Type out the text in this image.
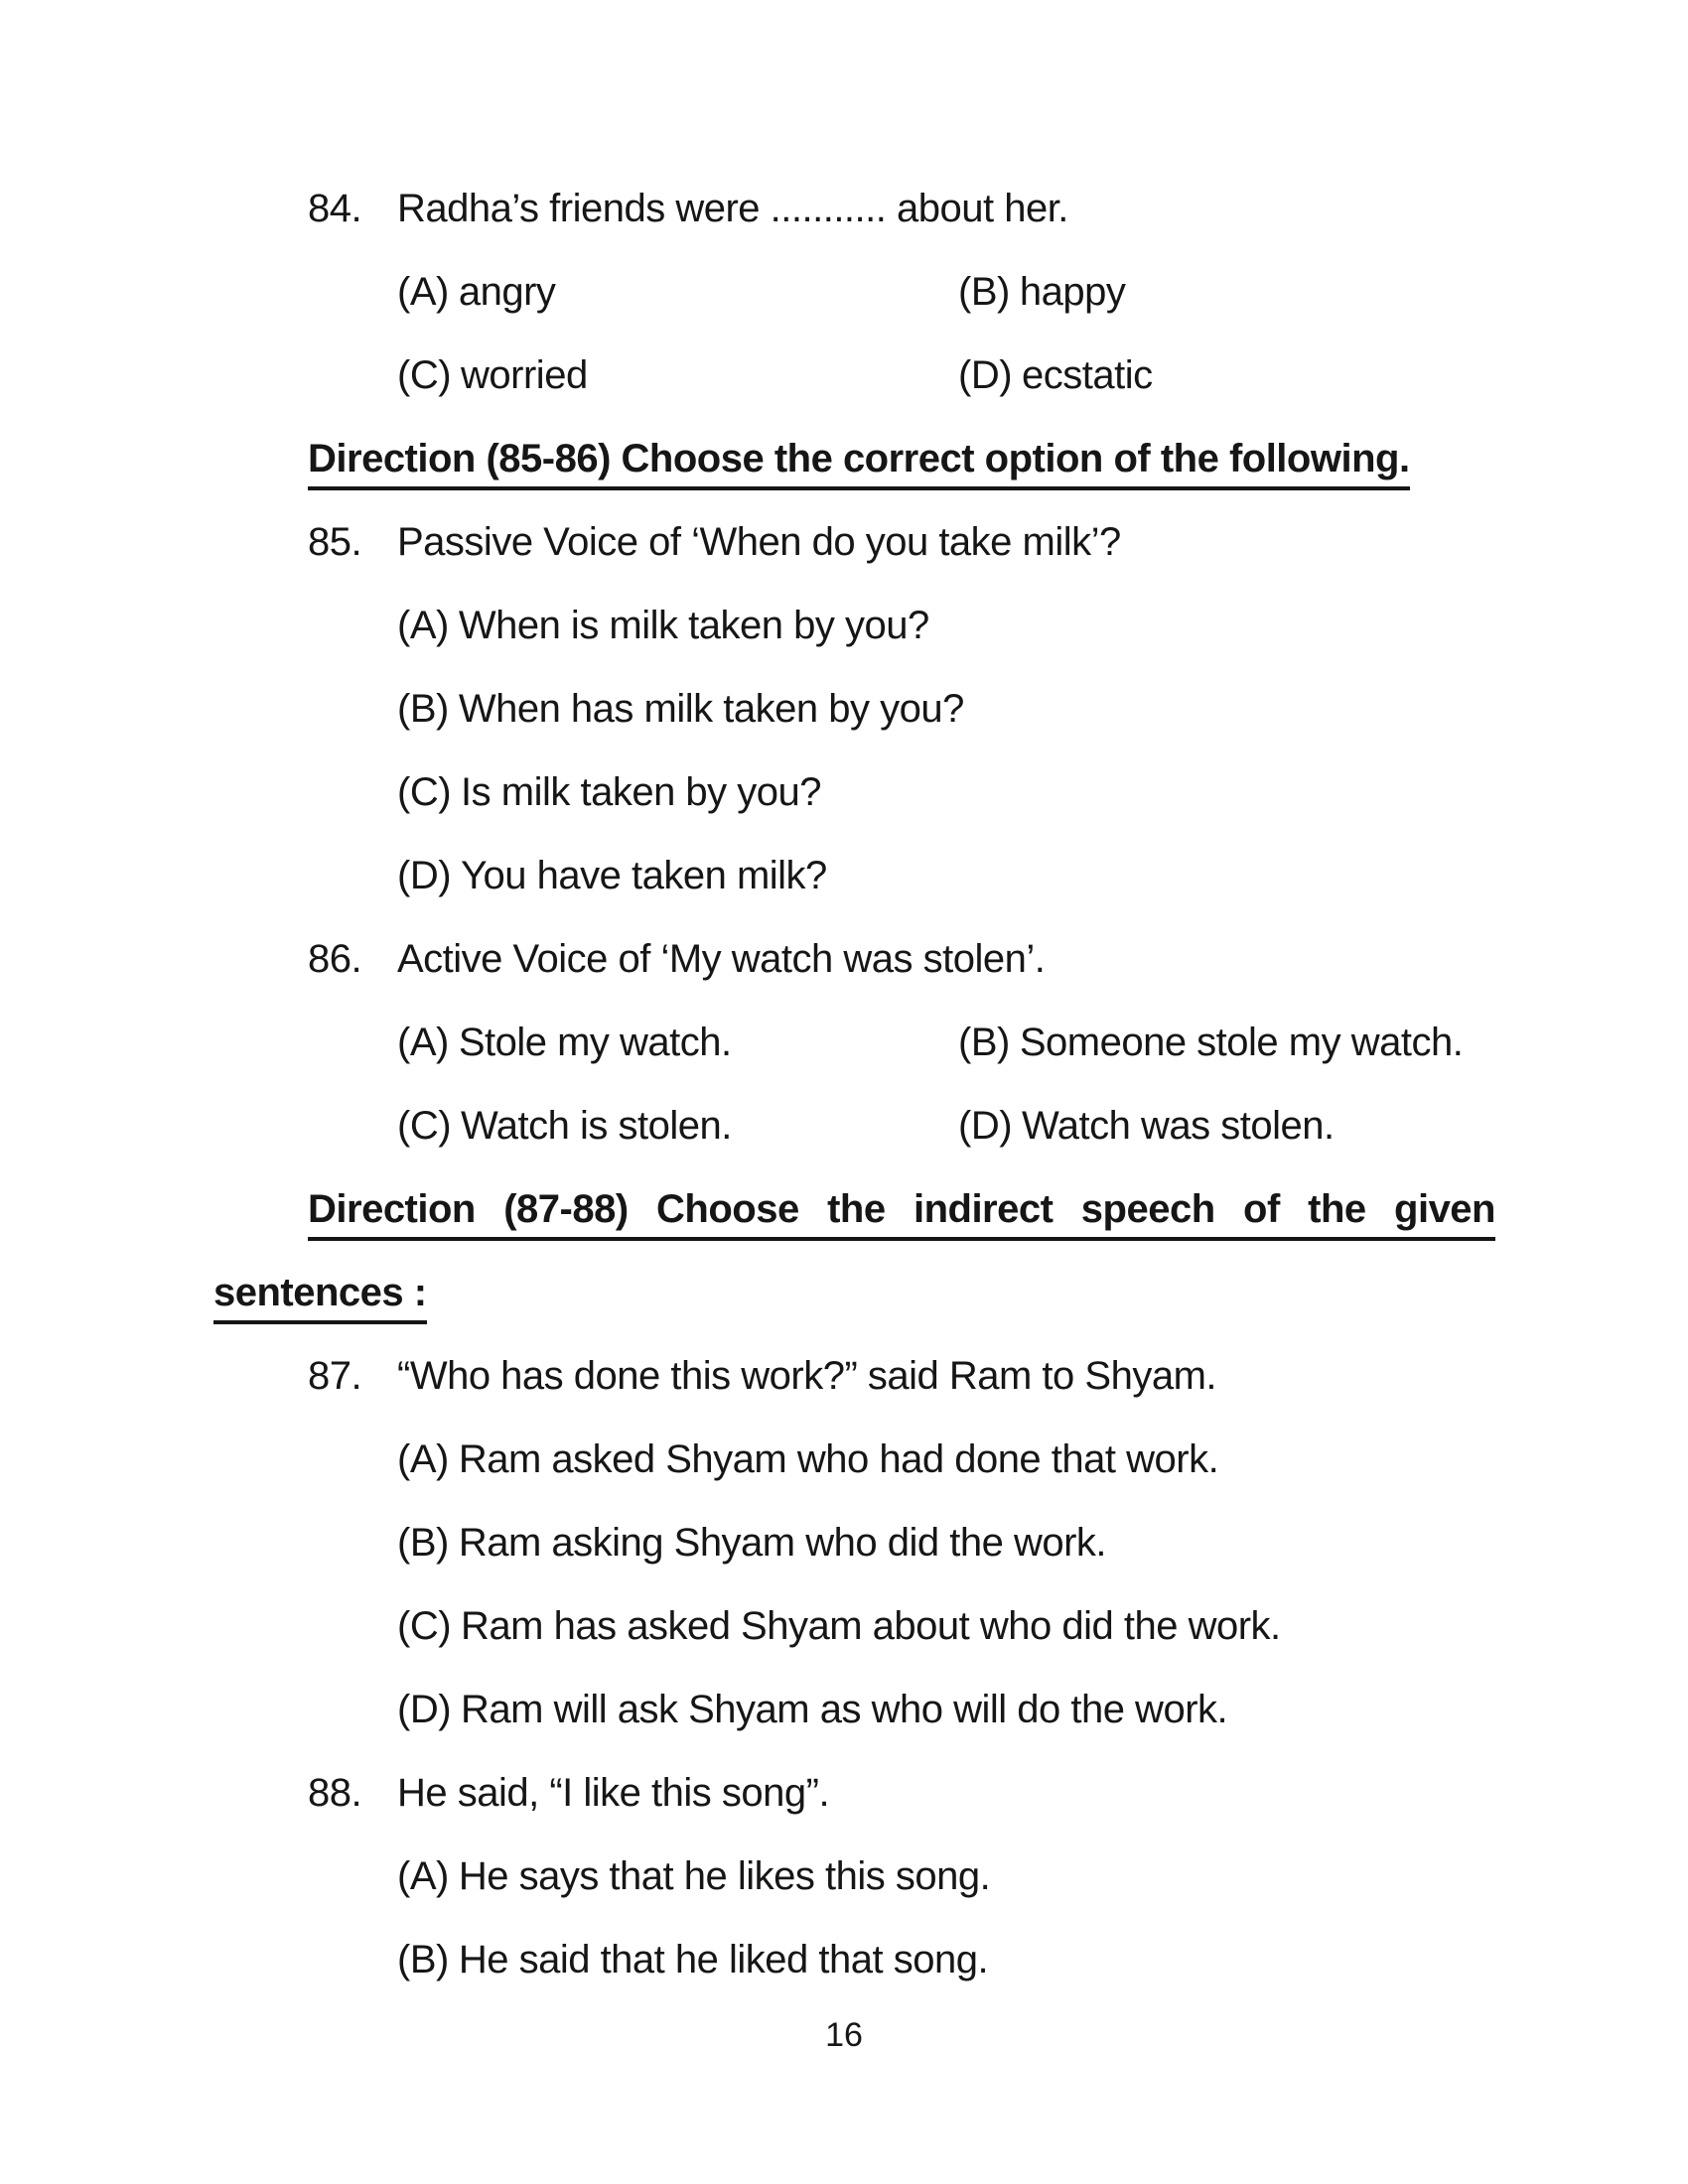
84. Radha’s friends were ........... about her.
(A) angry	(B) happy
(C) worried	(D) ecstatic
Direction (85-86) Choose the correct option of the following.
85. Passive Voice of ‘When do you take milk’?
(A) When is milk taken by you?
(B) When has milk taken by you?
(C) Is milk taken by you?
(D) You have taken milk?
86. Active Voice of ‘My watch was stolen’.
(A) Stole my watch.	(B) Someone stole my watch.
(C) Watch is stolen.	(D) Watch was stolen.
Direction (87-88) Choose the indirect speech of the given
sentences :
87. “Who has done this work?” said Ram to Shyam.
(A) Ram asked Shyam who had done that work.
(B) Ram asking Shyam who did the work.
(C) Ram has asked Shyam about who did the work.
(D) Ram will ask Shyam as who will do the work.
88. He said, “I like this song”.
(A) He says that he likes this song.
(B) He said that he liked that song.
16
